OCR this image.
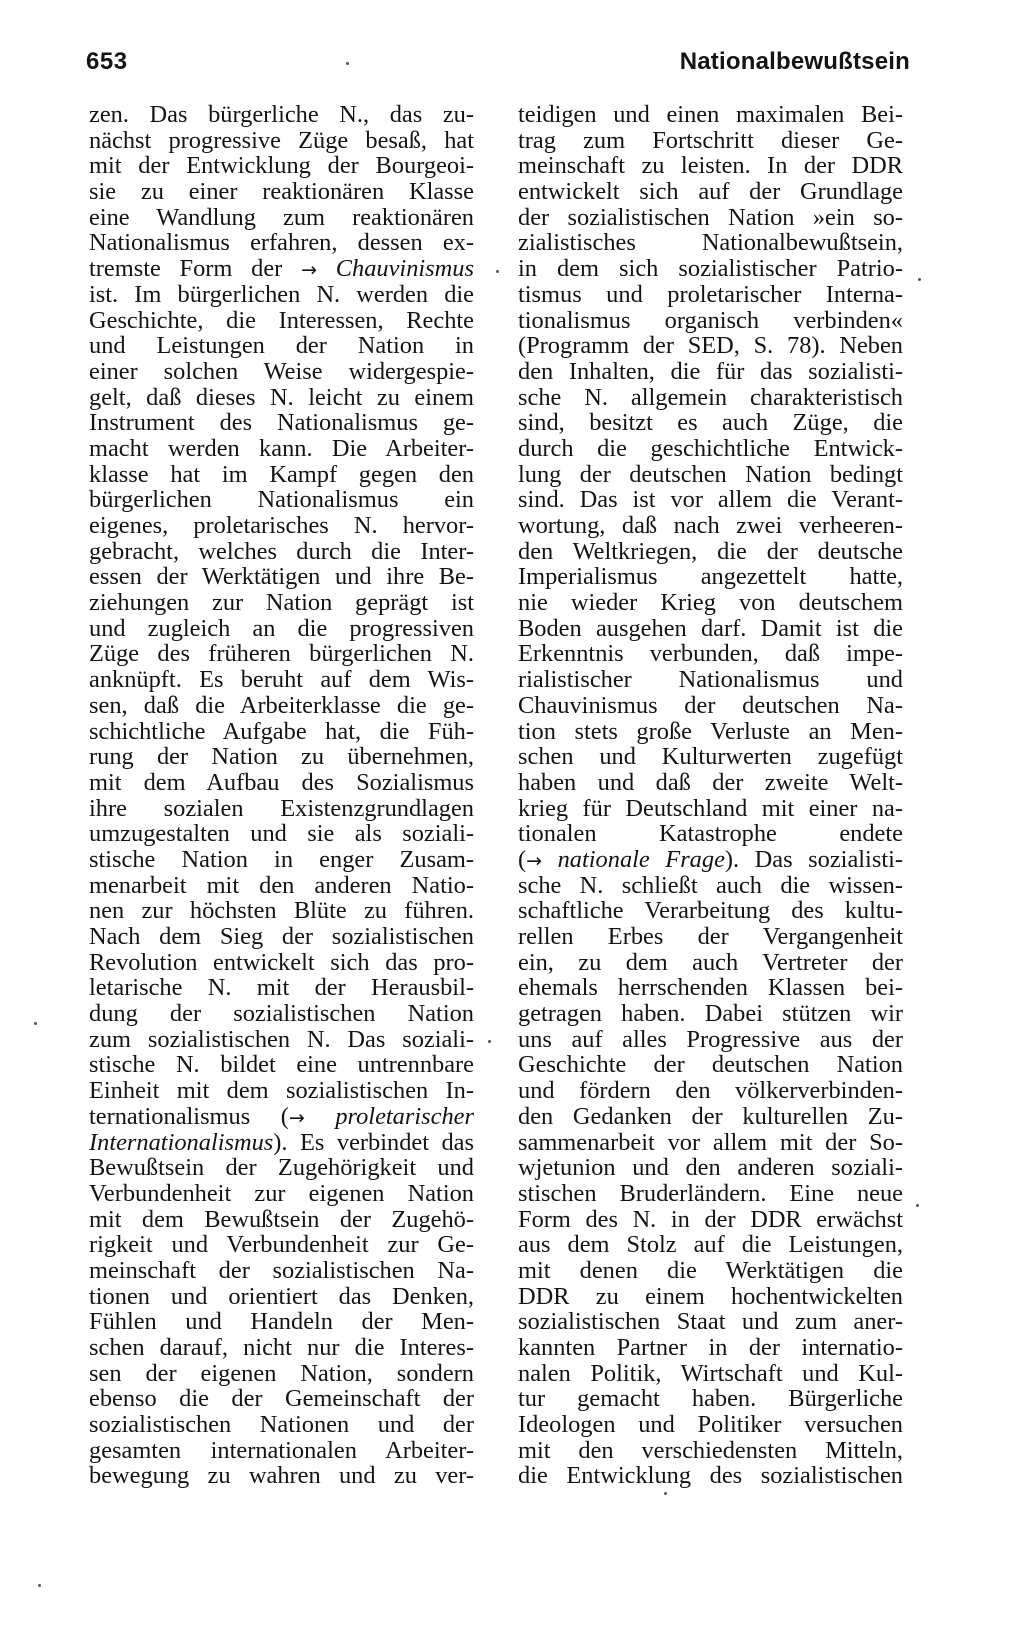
653	Nationalbewußtsein
zen. Das bürgerliche N., das zu-
nächst progressive Züge besaß, hat
mit der Entwicklung der Bourgeoi-
sie zu einer reaktionären Klasse
eine Wandlung zum reaktionären
Nationalismus erfahren, dessen ex-
tremste Form der → Chauvinismus
ist. Im bürgerlichen N. werden die
Geschichte, die Interessen, Rechte
und Leistungen der Nation in
einer solchen Weise widergespie-
gelt, daß dieses N. leicht zu einem
Instrument des Nationalismus ge-
macht werden kann. Die Arbeiter-
klasse hat im Kampf gegen den
bürgerlichen Nationalismus ein
eigenes, proletarisches N. hervor-
gebracht, welches durch die Inter-
essen der Werktätigen und ihre Be-
ziehungen zur Nation geprägt ist
und zugleich an die progressiven
Züge des früheren bürgerlichen N.
anknüpft. Es beruht auf dem Wis-
sen, daß die Arbeiterklasse die ge-
schichtliche Aufgabe hat, die Füh-
rung der Nation zu übernehmen,
mit dem Aufbau des Sozialismus
ihre sozialen Existenzgrundlagen
umzugestalten und sie als soziali-
stische Nation in enger Zusam-
menarbeit mit den anderen Natio-
nen zur höchsten Blüte zu führen.
Nach dem Sieg der sozialistischen
Revolution entwickelt sich das pro-
letarische N. mit der Herausbil-
dung der sozialistischen Nation
zum sozialistischen N. Das soziali-
stische N. bildet eine untrennbare
Einheit mit dem sozialistischen In-
ternationalismus (→ proletarischer
Internationalismus). Es verbindet das
Bewußtsein der Zugehörigkeit und
Verbundenheit zur eigenen Nation
mit dem Bewußtsein der Zugehö-
rigkeit und Verbundenheit zur Ge-
meinschaft der sozialistischen Na-
tionen und orientiert das Denken,
Fühlen und Handeln der Men-
schen darauf, nicht nur die Interes-
sen der eigenen Nation, sondern
ebenso die der Gemeinschaft der
sozialistischen Nationen und der
gesamten internationalen Arbeiter-
bewegung zu wahren und zu ver-
teidigen und einen maximalen Bei-
trag zum Fortschritt dieser Ge-
meinschaft zu leisten. In der DDR
entwickelt sich auf der Grundlage
der sozialistischen Nation »ein so-
zialistisches Nationalbewußtsein,
in dem sich sozialistischer Patrio-
tismus und proletarischer Interna-
tionalismus organisch verbinden«
(Programm der SED, S. 78). Neben
den Inhalten, die für das sozialisti-
sche N. allgemein charakteristisch
sind, besitzt es auch Züge, die
durch die geschichtliche Entwick-
lung der deutschen Nation bedingt
sind. Das ist vor allem die Verant-
wortung, daß nach zwei verheeren-
den Weltkriegen, die der deutsche
Imperialismus angezettelt hatte,
nie wieder Krieg von deutschem
Boden ausgehen darf. Damit ist die
Erkenntnis verbunden, daß impe-
rialistischer Nationalismus und
Chauvinismus der deutschen Na-
tion stets große Verluste an Men-
schen und Kulturwerten zugefügt
haben und daß der zweite Welt-
krieg für Deutschland mit einer na-
tionalen Katastrophe endete
(→ nationale Frage). Das sozialisti-
sche N. schließt auch die wissen-
schaftliche Verarbeitung des kultu-
rellen Erbes der Vergangenheit
ein, zu dem auch Vertreter der
ehemals herrschenden Klassen bei-
getragen haben. Dabei stützen wir
uns auf alles Progressive aus der
Geschichte der deutschen Nation
und fördern den völkerverbinden-
den Gedanken der kulturellen Zu-
sammenarbeit vor allem mit der So-
wjetunion und den anderen soziali-
stischen Bruderländern. Eine neue
Form des N. in der DDR erwächst
aus dem Stolz auf die Leistungen,
mit denen die Werktätigen die
DDR zu einem hochentwickelten
sozialistischen Staat und zum aner-
kannten Partner in der internatio-
nalen Politik, Wirtschaft und Kul-
tur gemacht haben. Bürgerliche
Ideologen und Politiker versuchen
mit den verschiedensten Mitteln,
die Entwicklung des sozialistischen
